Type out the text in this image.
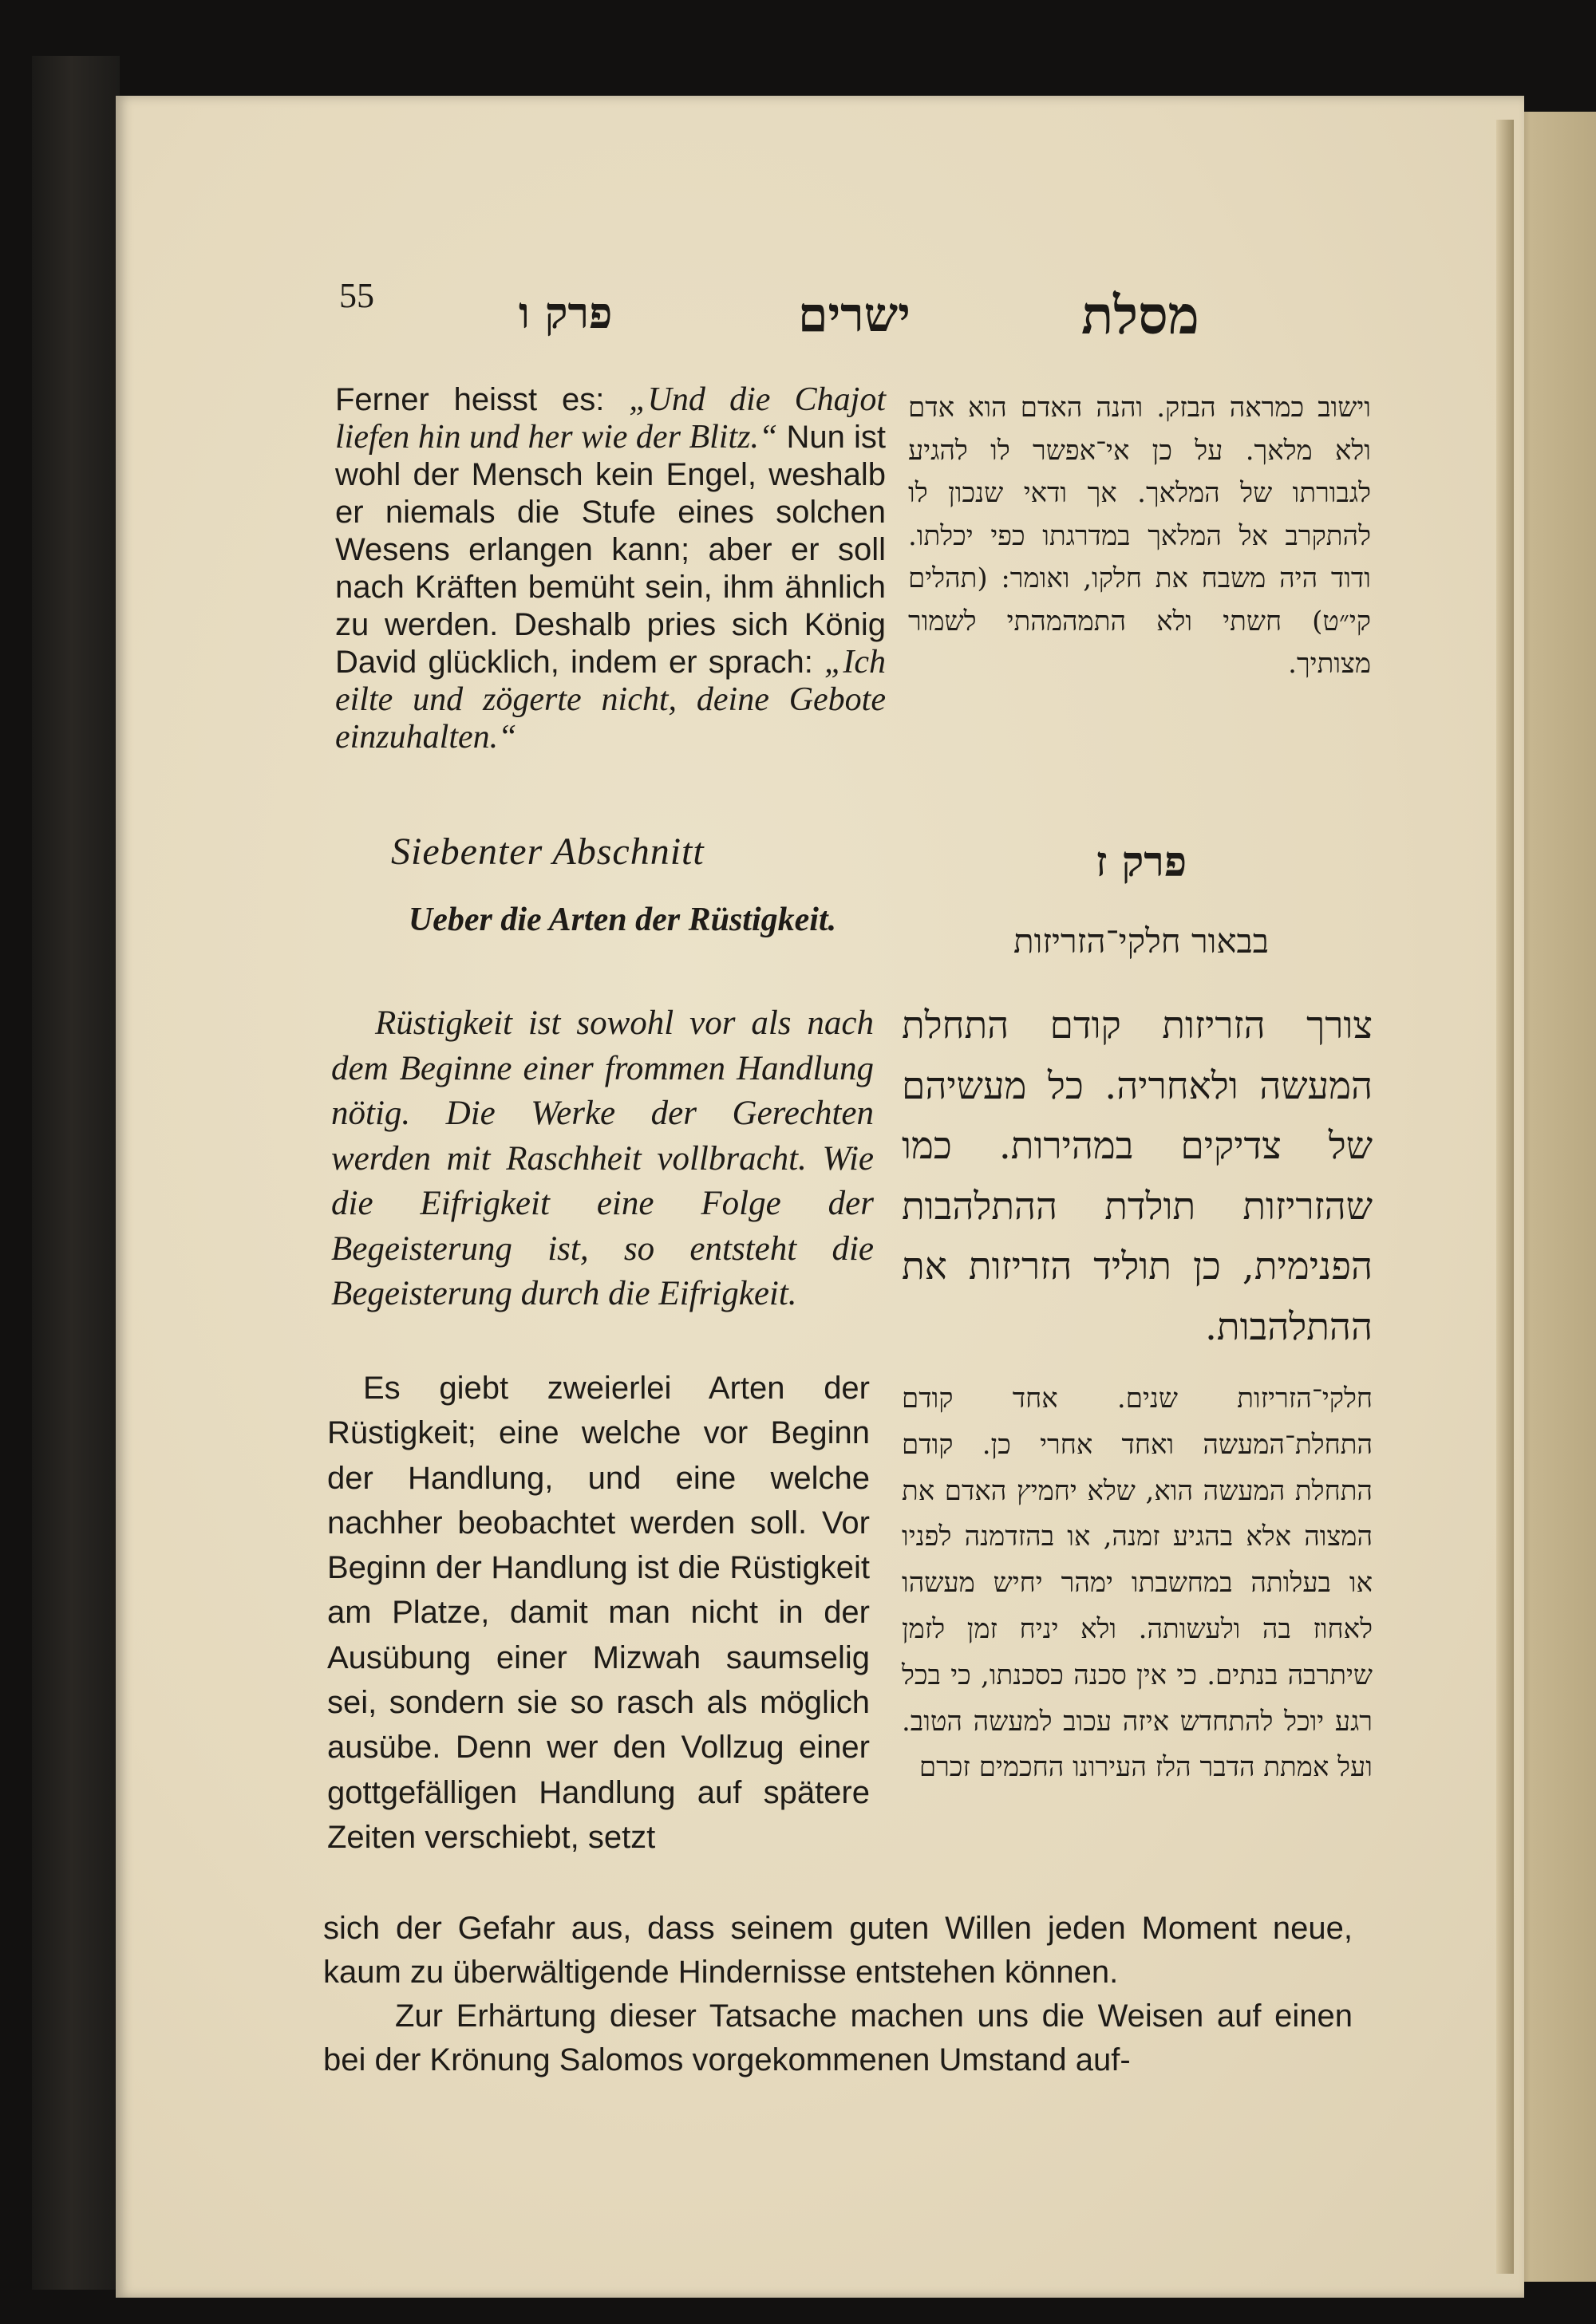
55	פרק ו	ישרים	מסלת
Ferner heisst es: „Und die Chajot liefen hin und her wie der Blitz.“ Nun ist wohl der Mensch kein Engel, weshalb er niemals die Stufe eines solchen Wesens erlangen kann; aber er soll nach Kräften bemüht sein, ihm ähnlich zu werden. Deshalb pries sich König David glücklich, indem er sprach: „Ich eilte und zögerte nicht, deine Gebote einzuhalten.“
וישוב כמראה הבזק. והנה האדם הוא אדם ולא מלאך. על כן אי־אפשר לו להגיע לגבורתו של המלאך. אך ודאי שנכון לו להתקרב אל המלאך במדרגתו כפי יכלתו. ודוד היה משבח את חלקו, ואומר: (תהלים קי״ט) חשתי ולא התמהמהתי לשמור מצותיך.
Siebenter Abschnitt
Ueber die Arten der Rüstigkeit.
פרק ז
בבאור חלקי־הזריזות
Rüstigkeit ist sowohl vor als nach dem Beginne einer frommen Handlung nötig. Die Werke der Gerechten werden mit Raschheit vollbracht. Wie die Eifrigkeit eine Folge der Begeisterung ist, so entsteht die Begeisterung durch die Eifrigkeit.
צורך הזריזות קודם התחלת המעשה ולאחריה. כל מעשיהם של צדיקים במהירות. כמו שהזריזות תולדת ההתלהבות הפנימית, כן תוליד הזריזות את ההתלהבות.
Es giebt zweierlei Arten der Rüstigkeit; eine welche vor Beginn der Handlung, und eine welche nachher beobachtet werden soll. Vor Beginn der Handlung ist die Rüstigkeit am Platze, damit man nicht in der Ausübung einer Mizwah saumselig sei, sondern sie so rasch als möglich ausübe. Denn wer den Vollzug einer gottgefälligen Handlung auf spätere Zeiten verschiebt, setzt
חלקי־הזריזות שנים. אחד קודם התחלת־המעשה ואחד אחרי כן. קודם התחלת המעשה הוא, שלא יחמיץ האדם את המצוה אלא בהגיע זמנה, או בהזדמנה לפניו או בעלותה במחשבתו ימהר יחיש מעשהו לאחוז בה ולעשותה. ולא יניח זמן לזמן שיתרבה בנתים. כי אין סכנה כסכנתו, כי בכל רגע יוכל להתחדש איזה עכוב למעשה הטוב. ועל אמתת הדבר הלז העירונו החכמים זכרם

sich der Gefahr aus, dass seinem guten Willen jeden Moment neue, kaum zu überwältigende Hindernisse entstehen können.

Zur Erhärtung dieser Tatsache machen uns die Weisen auf einen bei der Krönung Salomos vorgekommenen Umstand auf-
